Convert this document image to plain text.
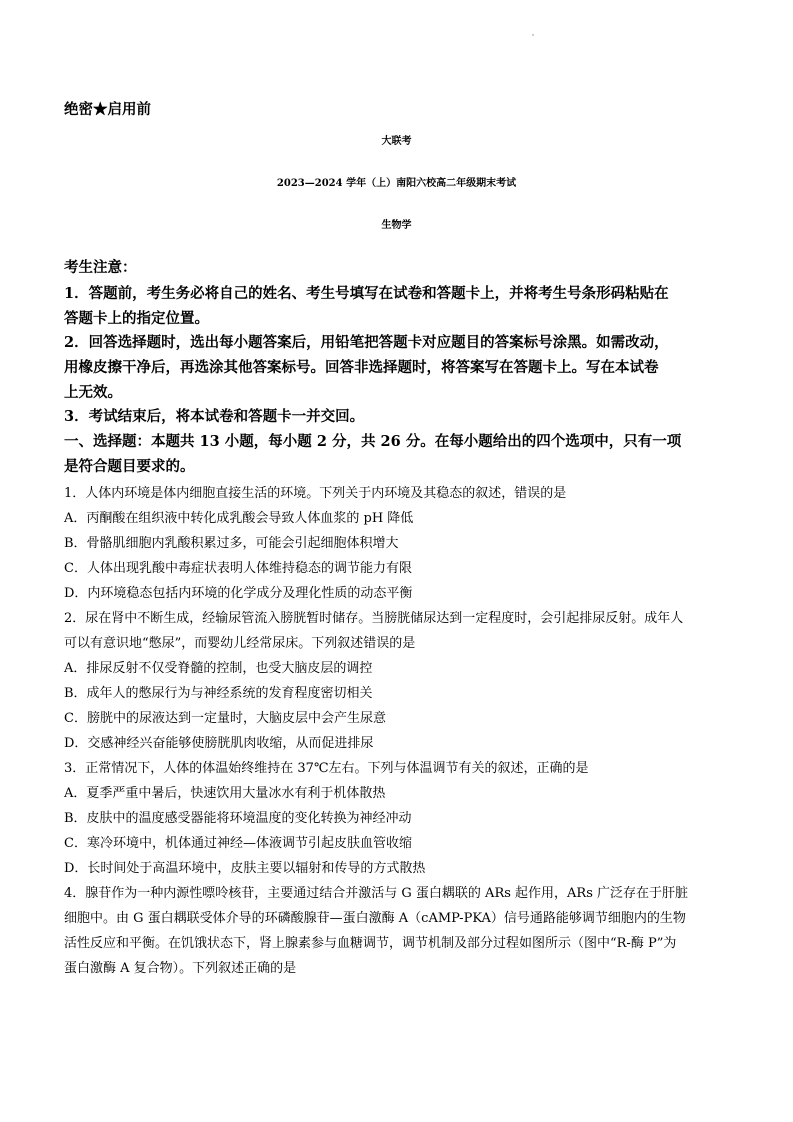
绝密★启用前
大联考
2023—2024 学年（上）南阳六校高二年级期末考试
生物学
考生注意：
1．答题前，考生务必将自己的姓名、考生号填写在试卷和答题卡上，并将考生号条形码粘贴在
答题卡上的指定位置。
2．回答选择题时，选出每小题答案后，用铅笔把答题卡对应题目的答案标号涂黑。如需改动，
用橡皮擦干净后，再选涂其他答案标号。回答非选择题时，将答案写在答题卡上。写在本试卷
上无效。
3．考试结束后，将本试卷和答题卡一并交回。
一、选择题：本题共 13 小题，每小题 2 分，共 26 分。在每小题给出的四个选项中，只有一项
是符合题目要求的。
1．人体内环境是体内细胞直接生活的环境。下列关于内环境及其稳态的叙述，错误的是
A．丙酮酸在组织液中转化成乳酸会导致人体血浆的 pH 降低
B．骨骼肌细胞内乳酸积累过多，可能会引起细胞体积增大
C．人体出现乳酸中毒症状表明人体维持稳态的调节能力有限
D．内环境稳态包括内环境的化学成分及理化性质的动态平衡
2．尿在肾中不断生成，经输尿管流入膀胱暂时储存。当膀胱储尿达到一定程度时，会引起排尿反射。成年人
可以有意识地“憋尿”，而婴幼儿经常尿床。下列叙述错误的是
A．排尿反射不仅受脊髓的控制，也受大脑皮层的调控
B．成年人的憋尿行为与神经系统的发育程度密切相关
C．膀胱中的尿液达到一定量时，大脑皮层中会产生尿意
D．交感神经兴奋能够使膀胱肌肉收缩，从而促进排尿
3．正常情况下，人体的体温始终维持在 37℃左右。下列与体温调节有关的叙述，正确的是
A．夏季严重中暑后，快速饮用大量冰水有利于机体散热
B．皮肤中的温度感受器能将环境温度的变化转换为神经冲动
C．寒冷环境中，机体通过神经—体液调节引起皮肤血管收缩
D．长时间处于高温环境中，皮肤主要以辐射和传导的方式散热
4．腺苷作为一种内源性嘌呤核苷，主要通过结合并激活与 G 蛋白耦联的 ARs 起作用，ARs 广泛存在于肝脏
细胞中。由 G 蛋白耦联受体介导的环磷酸腺苷—蛋白激酶 A（cAMP-PKA）信号通路能够调节细胞内的生物
活性反应和平衡。在饥饿状态下，肾上腺素参与血糖调节，调节机制及部分过程如图所示（图中“R-酶 P”为
蛋白激酶 A 复合物）。下列叙述正确的是
